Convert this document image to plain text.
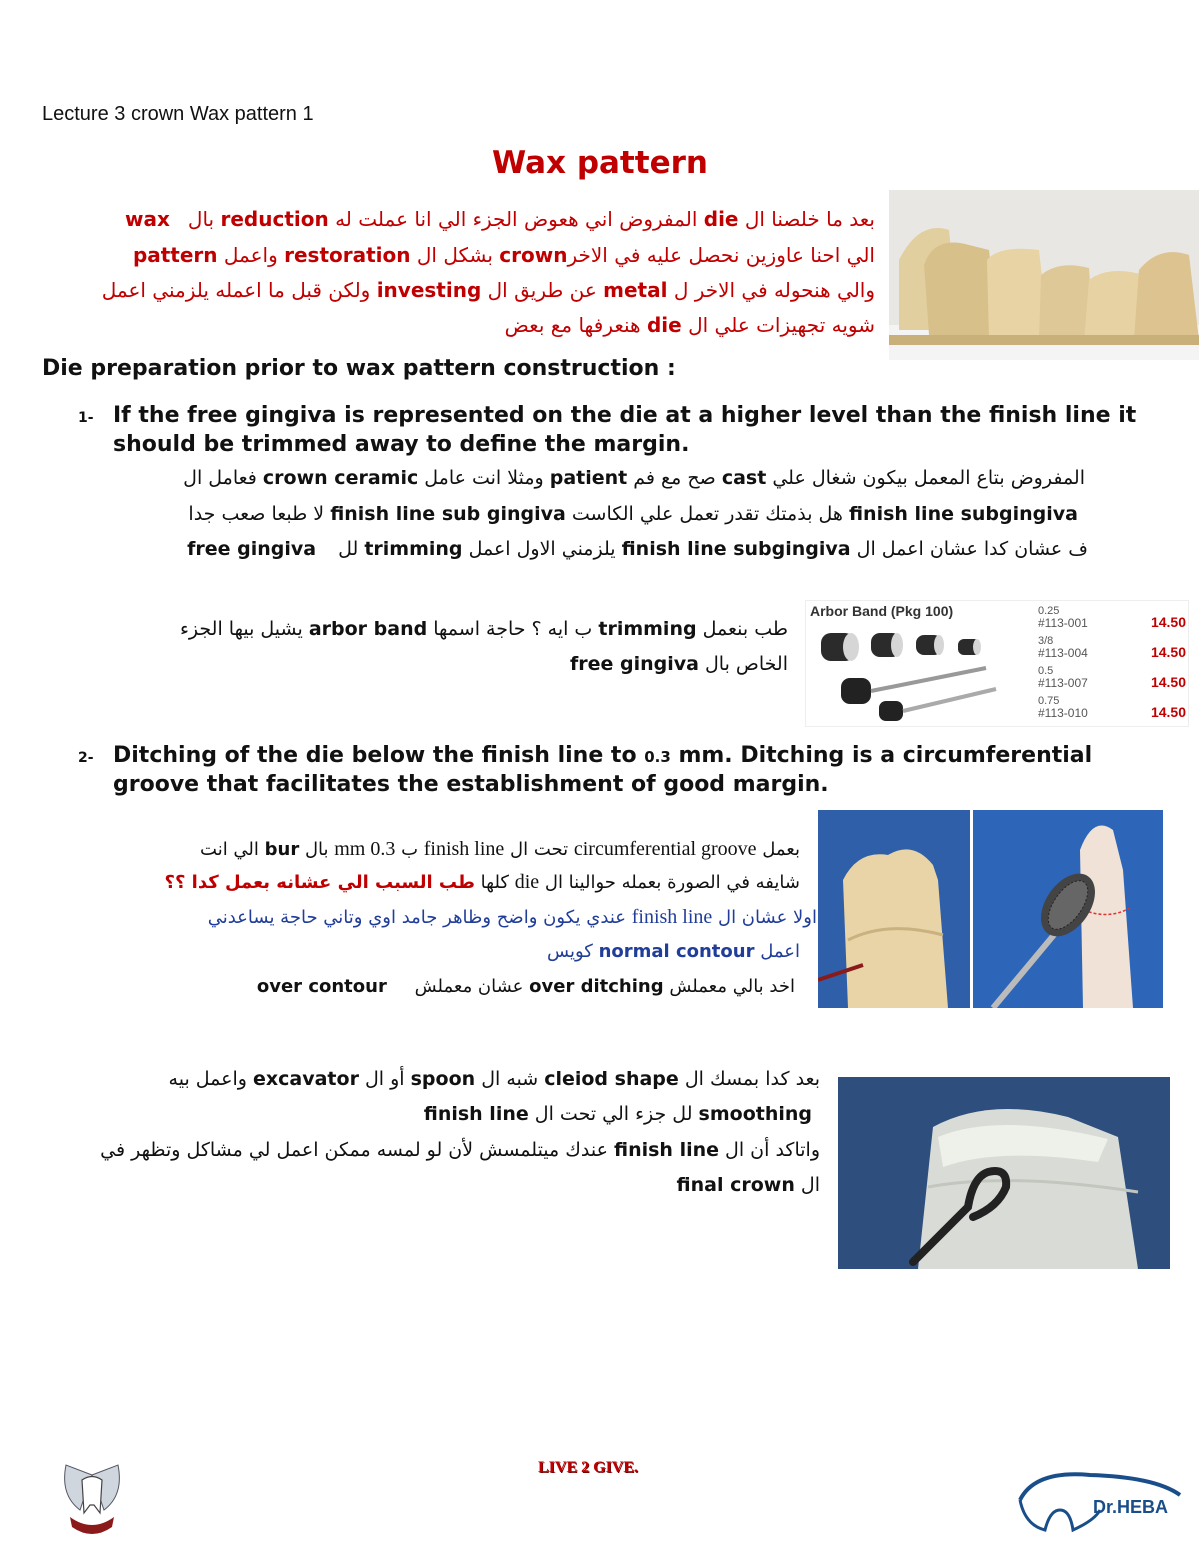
Lecture 3 crown Wax pattern 1
Wax pattern
بعد ما خلصنا ال die المفروض اني هعوض الجزء الي انا عملت له reduction بالwax
الي احنا عاوزين نحصل عليه في الاخرcrown بشكل ال restoration واعمل pattern
والي هنحوله في الاخر ل metal عن طريق ال investing ولكن قبل ما اعمله يلزمني اعمل
شويه تجهيزات علي ال die هنعرفها مع بعض
Die preparation prior to wax pattern construction :
1- If the free gingiva is represented on the die at a higher level than the finish line it
should be trimmed away to define the margin.
المفروض بتاع المعمل بيكون شغال علي cast صح مع فم patient ومثلا انت عامل crown ceramic فعامل ال
finish line subgingiva هل بذمتك تقدر تعمل علي الكاست finish line sub gingiva لا طبعا صعب جدا
ف عشان كدا عشان اعمل ال finish line subgingiva يلزمني الاول اعمل trimming للfree gingiva
طب بنعمل trimming ب ايه ؟ حاجة اسمها arbor band يشيل بيها الجزء
الخاص بال free gingiva
Arbor Band (Pkg 100)	0.25
#113-001	14.50
3/8
#113-004	14.50
0.5
#113-007	14.50
0.75
#113-010	14.50
2- Ditching of the die below the finish line to 0.3 mm. Ditching is a circumferential
groove that facilitates the establishment of good margin.
بعمل circumferential groove تحت ال finish line ب 0.3 mm بال bur الي انت
شايفه في الصورة بعمله حوالينا ال die كلها طب السبب الي عشانه بعمل كدا ؟؟
اولا عشان ال finish line عندي يكون واضح وظاهر جامد اوي وتاني حاجة يساعدني
اعمل normal contour كويس
اخد بالي معملش over ditching عشان معملش over contour
بعد كدا بمسك ال cleiod shape شبه ال spoon أو ال excavator واعمل بيه
smoothing لل جزء الي تحت ال finish line
واتاكد أن ال finish line عندك ميتلمسش لأن لو لمسه ممكن اعمل لي مشاكل وتظهر في
ال final crown
LIVE 2 GIVE.
Dr.HEBA
